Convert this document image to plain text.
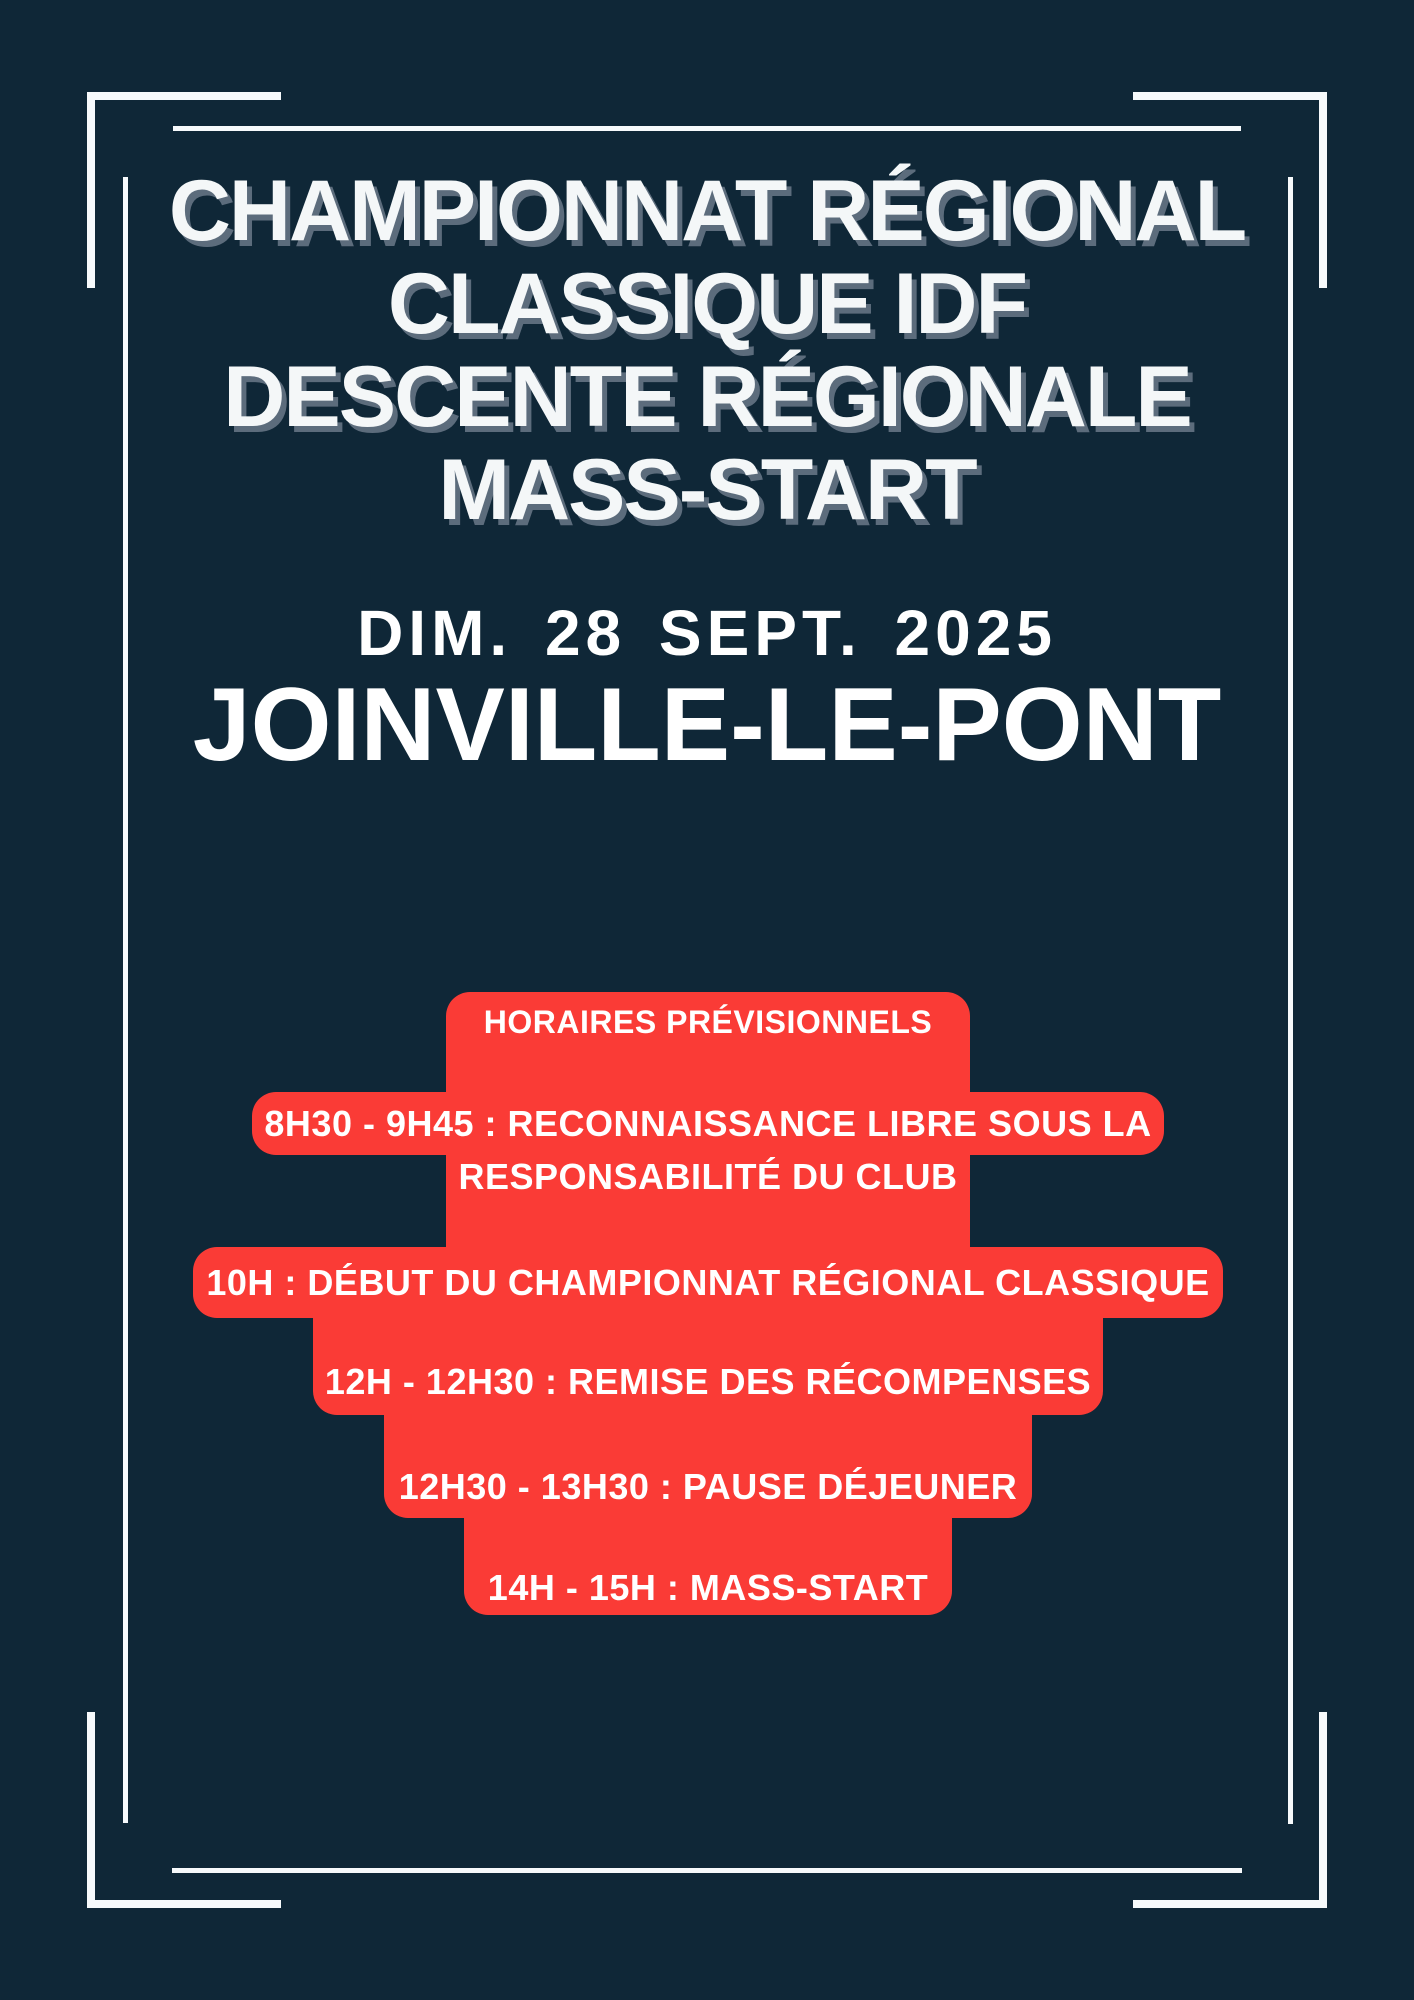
CHAMPIONNAT RÉGIONAL
CLASSIQUE IDF
DESCENTE RÉGIONALE
MASS-START
DIM. 28 SEPT. 2025
JOINVILLE-LE-PONT
HORAIRES PRÉVISIONNELS
8H30 - 9H45 : RECONNAISSANCE LIBRE SOUS LA
RESPONSABILITÉ DU CLUB
10H : DÉBUT DU CHAMPIONNAT RÉGIONAL CLASSIQUE
12H - 12H30 : REMISE DES RÉCOMPENSES
12H30 - 13H30 : PAUSE DÉJEUNER
14H - 15H : MASS-START
